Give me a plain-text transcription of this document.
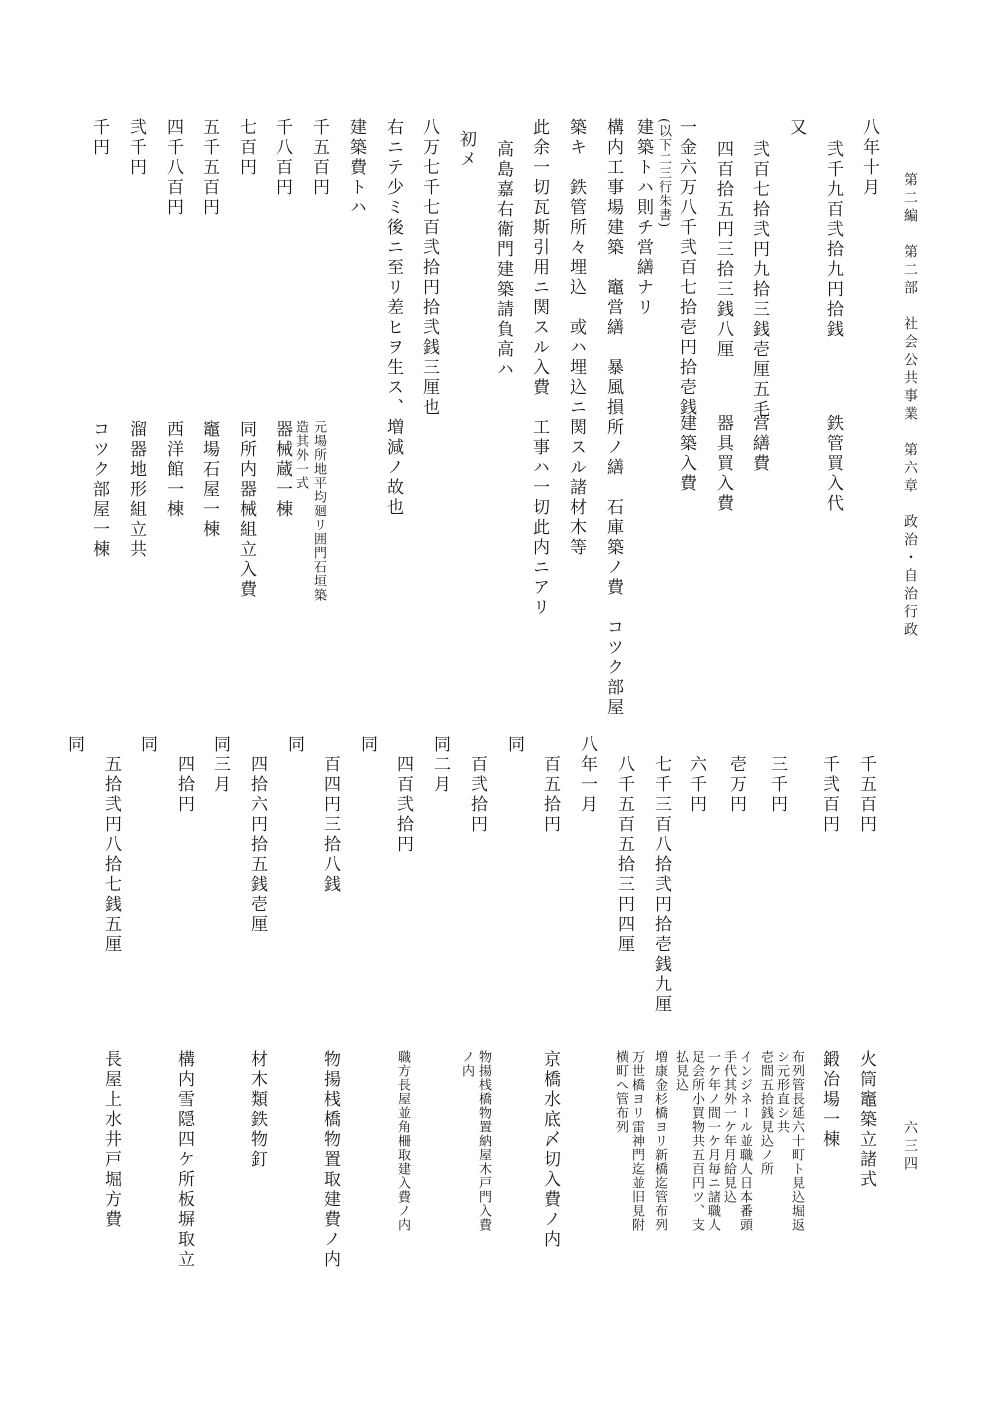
第二編　第二部　社会公共事業　第六章　政治・自治行政
六三四
八年十月
弐千九百弐拾九円拾銭
鉄管買入代
又
弐百七拾弐円九拾三銭壱厘五毛
営繕費
四百拾五円三拾三銭八厘
器具買入費
一金六万八千弐百七拾壱円拾壱銭
建築入費
(以下二三行朱書)
建築トハ則チ営繕ナリ
構内工事場建築　竈営繕　暴風損所ノ繕　石庫築ノ費　コツク部屋
築キ　鉄管所々埋込　或ハ埋込ニ関スル諸材木等
此余一切瓦斯引用ニ関スル入費　工事ハ一切此内ニアリ
高島嘉右衛門建築請負高ハ
初メ
八万七千七百弐拾円拾弐銭三厘也
右ニテ少ミ後ニ至リ差ヒヲ生ス、増減ノ故也
建築費トハ
千五百円
元場所地平均廻リ囲門石垣築
造其外一式
千八百円
器械蔵一棟
七百円
同所内器械組立入費
五千五百円
竈場石屋一棟
四千八百円
西洋館一棟
弐千円
溜器地形組立共
千円
コツク部屋一棟
千五百円
火筒竈築立諸式
千弐百円
鍛冶場一棟
三千円
布列管長延六十町ト見込堀返
シ元形直シ共
壱間五拾銭見込ノ所
壱万円
インジネール並職人日本番頭
手代其外一ケ年月給見込
六千円
一ケ年ノ間一ケ月毎ニ諸職人
足会所小買物共五百円ツ、支
払見込
七千三百八拾弐円拾壱銭九厘
増康金杉橋ヨリ新橋迄管布列
八千五百五拾三円四厘
万世橋ヨリ雷神門迄並旧見附
横町へ管布列
八年一月
百五拾円
京橋水底〆切入費ノ内
同
百弐拾円
物揚桟橋物置納屋木戸門入費
ノ内
同二月
四百弐拾円
職方長屋並角柵取建入費ノ内
同
百四円三拾八銭
物揚桟橋物置取建費ノ内
同
四拾六円拾五銭壱厘
材木類鉄物釘
同三月
四拾円
構内雪隠四ケ所板塀取立
同
五拾弐円八拾七銭五厘
長屋上水井戸堀方費
同
